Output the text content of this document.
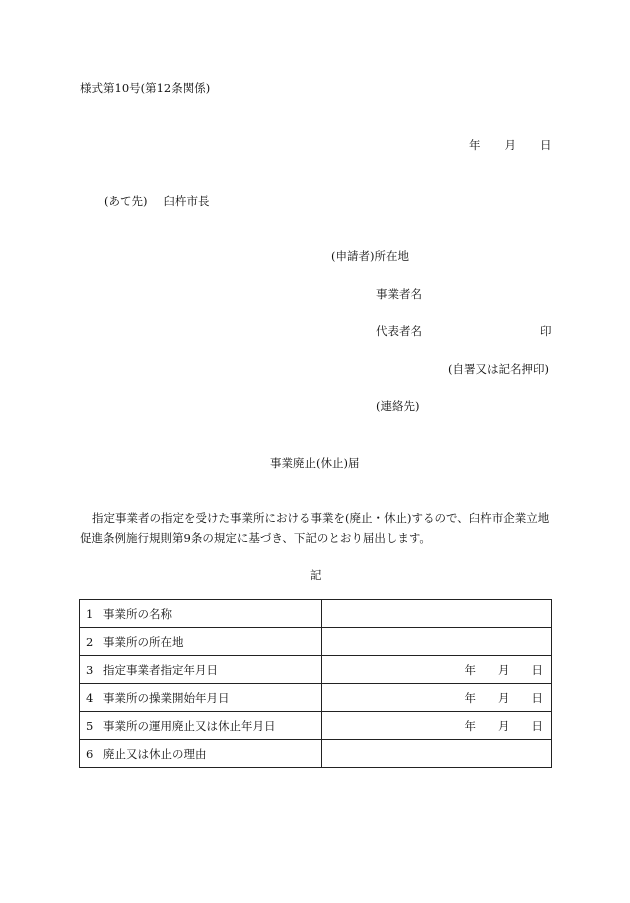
様式第10号(第12条関係)
年 月 日
(あて先) 臼杵市長
(申請者)所在地
事業者名
代表者名	印
(自署又は記名押印)
(連絡先)
事業廃止(休止)届
指定事業者の指定を受けた事業所における事業を(廃止・休止)するので、臼杵市企業立地促進条例施行規則第9条の規定に基づき、下記のとおり届出します。
記
1 事業所の名称	
2 事業所の所在地	
3 指定事業者指定年月日	年 月 日

4 事業所の操業開始年月日	年 月 日

5 事業所の運用廃止又は休止年月日	年 月 日

6 廃止又は休止の理由	
